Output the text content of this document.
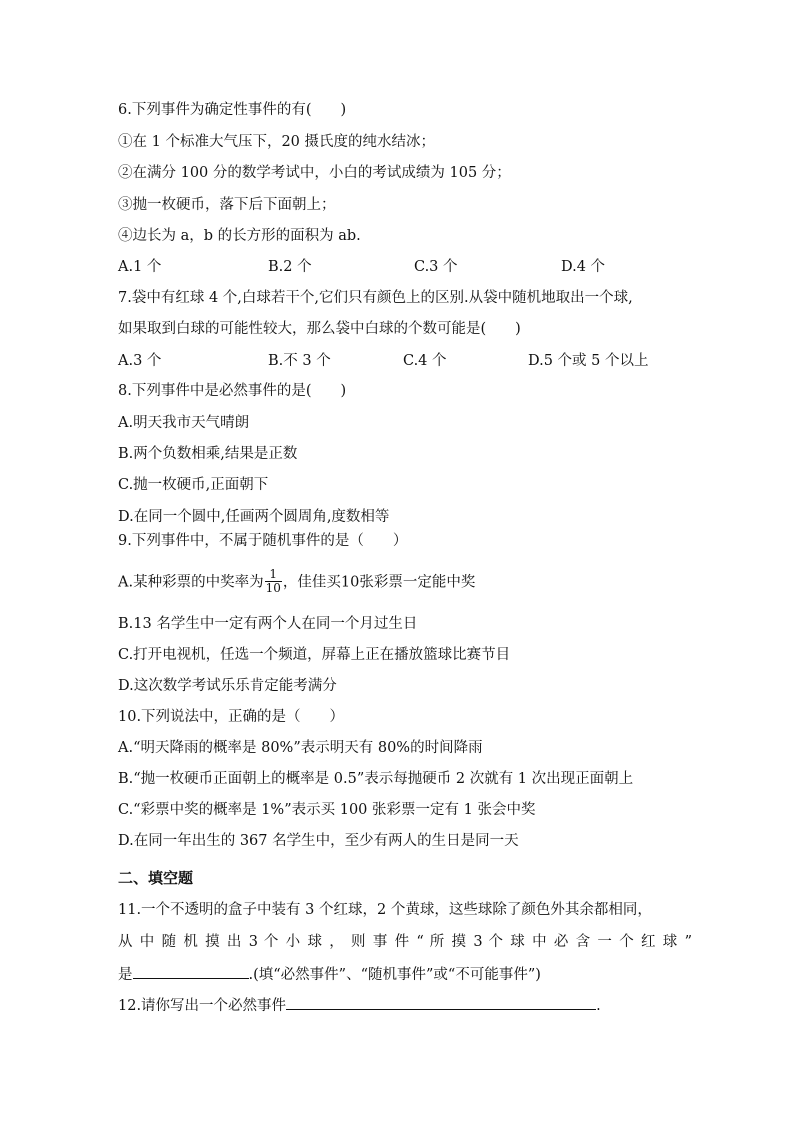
6.下列事件为确定性事件的有(　　)
①在 1 个标准大气压下，20 摄氏度的纯水结冰；
②在满分 100 分的数学考试中，小白的考试成绩为 105 分；
③抛一枚硬币，落下后下面朝上；
④边长为 a，b 的长方形的面积为 ab.
A.1 个	B.2 个	C.3 个	D.4 个
7.袋中有红球 4 个,白球若干个,它们只有颜色上的区别.从袋中随机地取出一个球,
如果取到白球的可能性较大，那么袋中白球的个数可能是(　　)
A.3 个	B.不 3 个	C.4 个	D.5 个或 5 个以上
8.下列事件中是必然事件的是(　　)
A.明天我市天气晴朗
B.两个负数相乘,结果是正数
C.抛一枚硬币,正面朝下
D.在同一个圆中,任画两个圆周角,度数相等
9.下列事件中，不属于随机事件的是（　　）
A.某种彩票的中奖率为 $\frac{1}{10}$ ，佳佳买10张彩票一定能中奖
B.13 名学生中一定有两个人在同一个月过生日
C.打开电视机，任选一个频道，屏幕上正在播放篮球比赛节目
D.这次数学考试乐乐肯定能考满分
10.下列说法中，正确的是（　　）
A.“明天降雨的概率是 80%”表示明天有 80%的时间降雨
B.“抛一枚硬币正面朝上的概率是 0.5”表示每抛硬币 2 次就有 1 次出现正面朝上
C.“彩票中奖的概率是 1%”表示买 100 张彩票一定有 1 张会中奖
D.在同一年出生的 367 名学生中，至少有两人的生日是同一天
二、填空题
11.一个不透明的盒子中装有 3 个红球，2 个黄球，这些球除了颜色外其余都相同，
从 中 随 机 摸 出 3 个 小 球 ， 则 事 件 “ 所 摸 3 个 球 中 必 含 一 个 红 球 ”
是	.(填“必然事件”、“随机事件”或“不可能事件”)
12.请你写出一个必然事件	.
